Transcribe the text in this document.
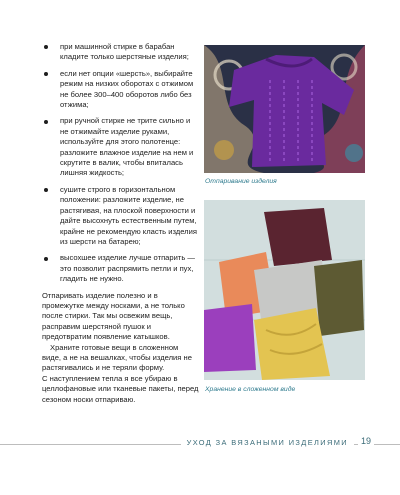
при машинной стирке в барабан кладите только шерстяные изделия;
если нет опции «шерсть», выбирайте режим на низких оборотах с отжимом не более 300–400 оборотов либо без отжима;
при ручной стирке не трите сильно и не отжимайте изделие руками, используйте для этого полотенце: разложите влажное изделие на нем и скрутите в валик, чтобы впиталась лишняя жидкость;
сушите строго в горизонтальном положении: разложите изделие, не растягивая, на плоской поверхности и дайте высохнуть естественным путем, крайне не рекомендую класть изделия из шерсти на батарею;
высохшее изделие лучше отпарить — это позволит распрямить петли и пух, гладить не нужно.

Отпаривать изделие полезно и в промежутке между носками, а не только после стирки. Так мы освежим вещь, расправим шерстяной пушок и предотвратим появление катышков.

Храните готовые вещи в сложенном виде, а не на вешалках, чтобы изделия не растягивались и не теряли форму.

С наступлением тепла я все убираю в целлофановые или тканевые пакеты, перед сезоном носки отпариваю.

Отпаривание изделия
Хранение в сложенном виде
УХОД ЗА ВЯЗАНЫМИ ИЗДЕЛИЯМИ	19
